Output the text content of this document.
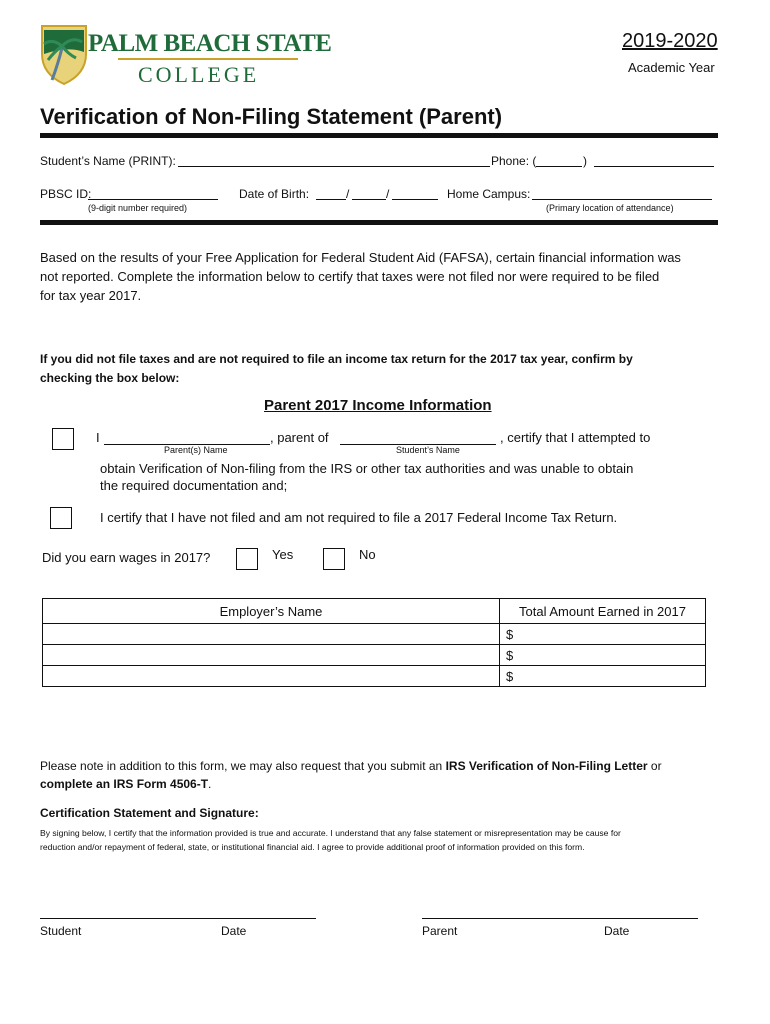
PALM BEACH STATE
COLLEGE
2019-2020
Academic Year
Verification of Non-Filing Statement (Parent)
Student’s Name (PRINT):	Phone: (	)
PBSC ID:
(9-digit number required)
Date of Birth:	/	/	Home Campus:
(Primary location of attendance)
Based on the results of your Free Application for Federal Student Aid (FAFSA), certain financial information was
not reported. Complete the information below to certify that taxes were not filed nor were required to be filed
for tax year 2017.
If you did not file taxes and are not required to file an income tax return for the 2017 tax year, confirm by
checking the box below:
Parent 2017 Income Information
I
Parent(s) Name
, parent of
Student’s Name
, certify that I attempted to
obtain Verification of Non-filing from the IRS or other tax authorities and was unable to obtain
the required documentation and;
I certify that I have not filed and am not required to file a 2017 Federal Income Tax Return.
Did you earn wages in 2017?	Yes	No
Employer’s Name	Total Amount Earned in 2017
	$
	$
	$
Please note in addition to this form, we may also request that you submit an IRS Verification of Non-Filing Letter or
complete an IRS Form 4506-T.
Certification Statement and Signature:
By signing below, I certify that the information provided is true and accurate. I understand that any false statement or misrepresentation may be cause for
reduction and/or repayment of federal, state, or institutional financial aid. I agree to provide additional proof of information provided on this form.
Student	Date	Parent	Date
